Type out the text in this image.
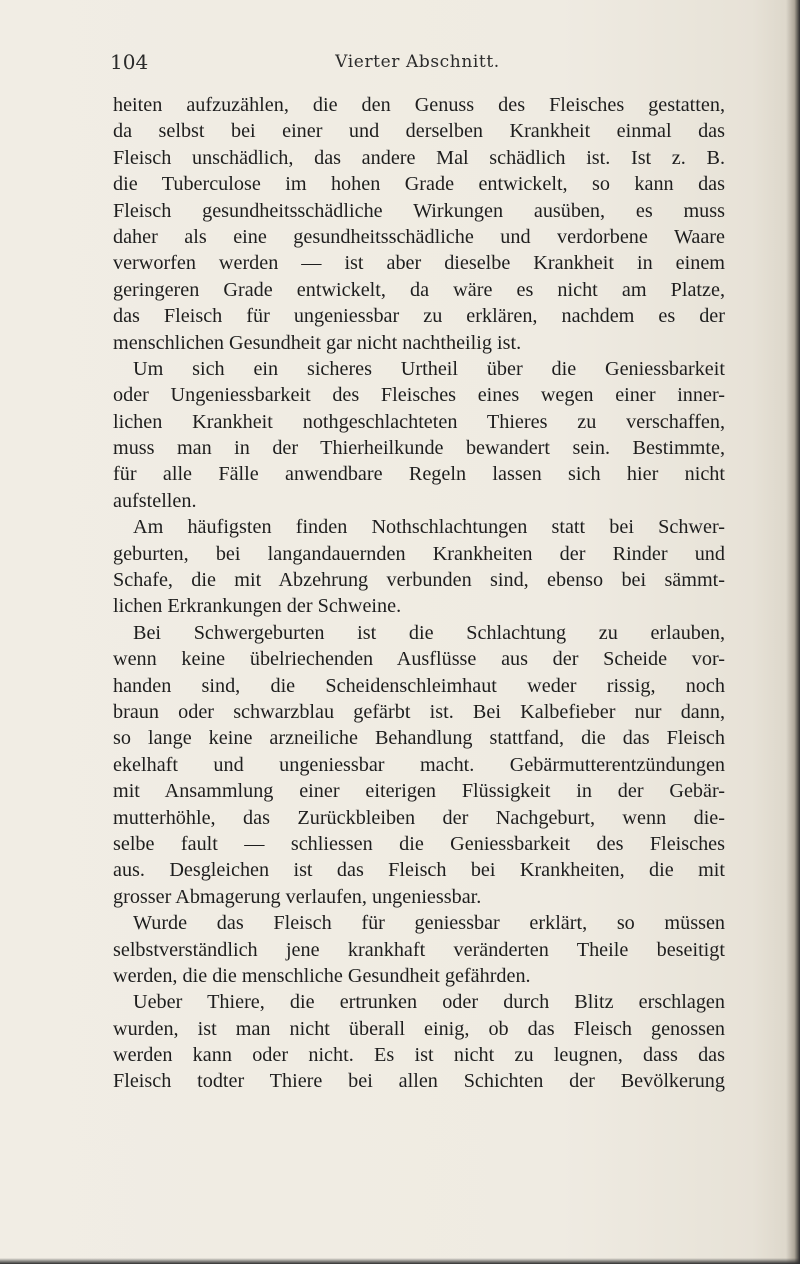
104	Vierter Abschnitt.
heiten aufzuzählen, die den Genuss des Fleisches gestatten,
da selbst bei einer und derselben Krankheit einmal das
Fleisch unschädlich, das andere Mal schädlich ist. Ist z. B.
die Tuberculose im hohen Grade entwickelt, so kann das
Fleisch gesundheitsschädliche Wirkungen ausüben, es muss
daher als eine gesundheitsschädliche und verdorbene Waare
verworfen werden — ist aber dieselbe Krankheit in einem
geringeren Grade entwickelt, da wäre es nicht am Platze,
das Fleisch für ungeniessbar zu erklären, nachdem es der
menschlichen Gesundheit gar nicht nachtheilig ist.
Um sich ein sicheres Urtheil über die Geniessbarkeit
oder Ungeniessbarkeit des Fleisches eines wegen einer inner-
lichen Krankheit nothgeschlachteten Thieres zu verschaffen,
muss man in der Thierheilkunde bewandert sein. Bestimmte,
für alle Fälle anwendbare Regeln lassen sich hier nicht
aufstellen.
Am häufigsten finden Nothschlachtungen statt bei Schwer-
geburten, bei langandauernden Krankheiten der Rinder und
Schafe, die mit Abzehrung verbunden sind, ebenso bei sämmt-
lichen Erkrankungen der Schweine.
Bei Schwergeburten ist die Schlachtung zu erlauben,
wenn keine übelriechenden Ausflüsse aus der Scheide vor-
handen sind, die Scheidenschleimhaut weder rissig, noch
braun oder schwarzblau gefärbt ist. Bei Kalbefieber nur dann,
so lange keine arzneiliche Behandlung stattfand, die das Fleisch
ekelhaft und ungeniessbar macht. Gebärmutterentzündungen
mit Ansammlung einer eiterigen Flüssigkeit in der Gebär-
mutterhöhle, das Zurückbleiben der Nachgeburt, wenn die-
selbe fault — schliessen die Geniessbarkeit des Fleisches
aus. Desgleichen ist das Fleisch bei Krankheiten, die mit
grosser Abmagerung verlaufen, ungeniessbar.
Wurde das Fleisch für geniessbar erklärt, so müssen
selbstverständlich jene krankhaft veränderten Theile beseitigt
werden, die die menschliche Gesundheit gefährden.
Ueber Thiere, die ertrunken oder durch Blitz erschlagen
wurden, ist man nicht überall einig, ob das Fleisch genossen
werden kann oder nicht. Es ist nicht zu leugnen, dass das
Fleisch todter Thiere bei allen Schichten der Bevölkerung
